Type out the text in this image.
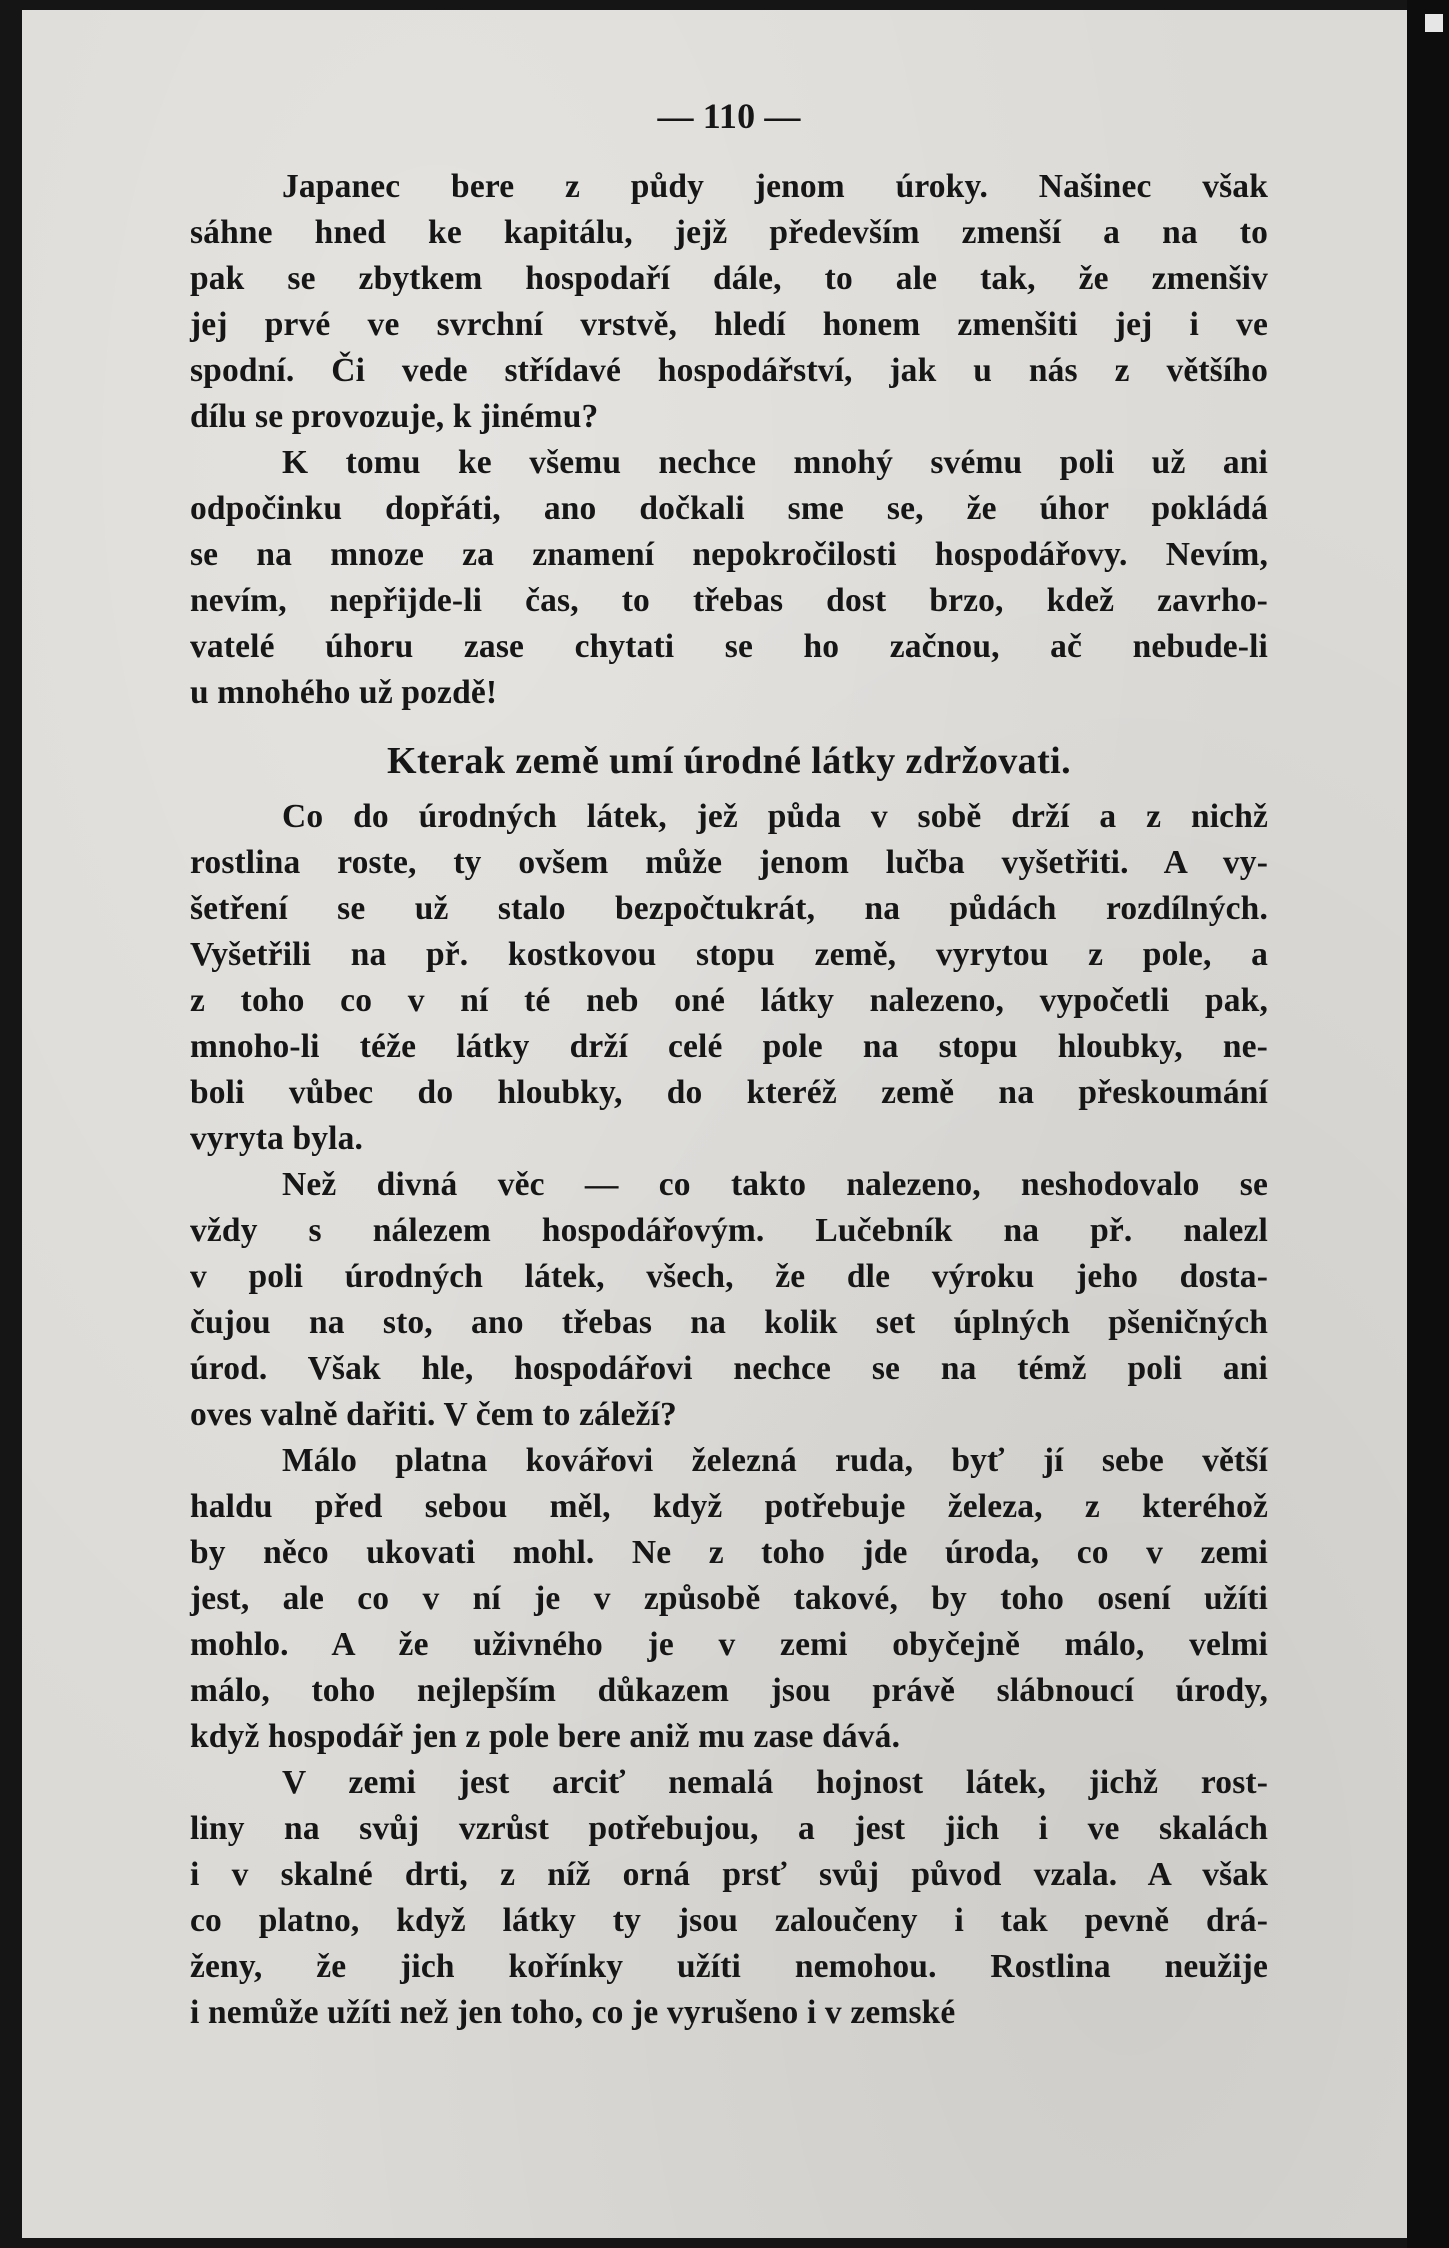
— 110 —
Japanec bere z půdy jenom úroky. Našinec však
sáhne hned ke kapitálu, jejž především zmenší a na to
pak se zbytkem hospodaří dále, to ale tak, že zmenšiv
jej prvé ve svrchní vrstvě, hledí honem zmenšiti jej i ve
spodní. Či vede střídavé hospodářství, jak u nás z většího
dílu se provozuje, k jinému?
K tomu ke všemu nechce mnohý svému poli už ani
odpočinku dopřáti, ano dočkali sme se, že úhor pokládá
se na mnoze za znamení nepokročilosti hospodářovy. Nevím,
nevím, nepřijde-li čas, to třebas dost brzo, kdež zavrho-
vatelé úhoru zase chytati se ho začnou, ač nebude-li
u mnohého už pozdě!
Kterak země umí úrodné látky zdržovati.
Co do úrodných látek, jež půda v sobě drží a z nichž
rostlina roste, ty ovšem může jenom lučba vyšetřiti. A vy-
šetření se už stalo bezpočtukrát, na půdách rozdílných.
Vyšetřili na př. kostkovou stopu země, vyrytou z pole, a
z toho co v ní té neb oné látky nalezeno, vypočetli pak,
mnoho-li téže látky drží celé pole na stopu hloubky, ne-
boli vůbec do hloubky, do kteréž země na přeskoumání
vyryta byla.
Než divná věc — co takto nalezeno, neshodovalo se
vždy s nálezem hospodářovým. Lučebník na př. nalezl
v poli úrodných látek, všech, že dle výroku jeho dosta-
čujou na sto, ano třebas na kolik set úplných pšeničných
úrod. Však hle, hospodářovi nechce se na témž poli ani
oves valně dařiti. V čem to záleží?
Málo platna kovářovi železná ruda, byť jí sebe větší
haldu před sebou měl, když potřebuje železa, z kteréhož
by něco ukovati mohl. Ne z toho jde úroda, co v zemi
jest, ale co v ní je v způsobě takové, by toho osení užíti
mohlo. A že uživného je v zemi obyčejně málo, velmi
málo, toho nejlepším důkazem jsou právě slábnoucí úrody,
když hospodář jen z pole bere aniž mu zase dává.
V zemi jest arciť nemalá hojnost látek, jichž rost-
liny na svůj vzrůst potřebujou, a jest jich i ve skalách
i v skalné drti, z níž orná prsť svůj původ vzala. A však
co platno, když látky ty jsou zaloučeny i tak pevně drá-
ženy, že jich kořínky užíti nemohou. Rostlina neužije
i nemůže užíti než jen toho, co je vyrušeno i v zemské
